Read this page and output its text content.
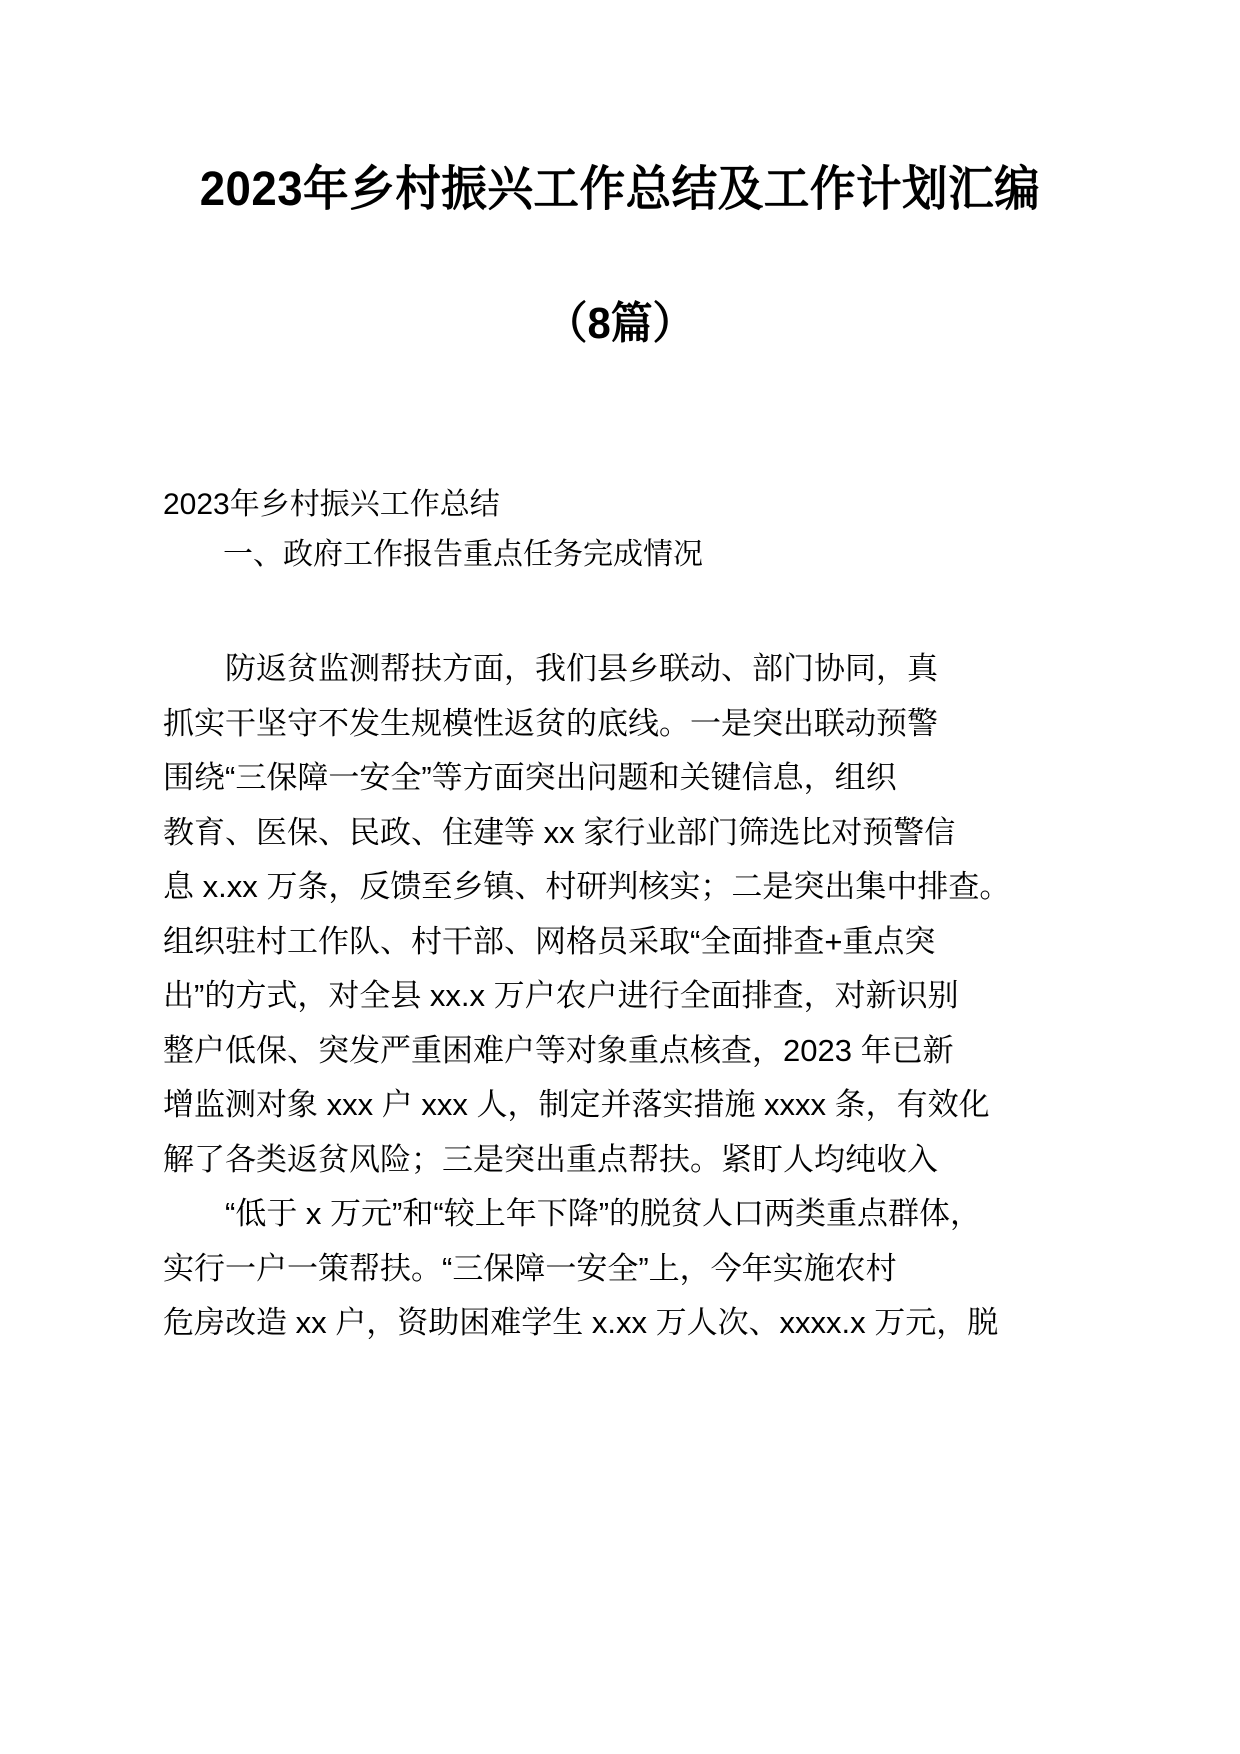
2023年乡村振兴工作总结及工作计划汇编
（8篇）
2023年乡村振兴工作总结
一、政府工作报告重点任务完成情况
防返贫监测帮扶方面，我们县乡联动、部门协同，真
抓实干坚守不发生规模性返贫的底线。一是突出联动预警
围绕“三保障一安全”等方面突出问题和关键信息，组织
教育、医保、民政、住建等 xx 家行业部门筛选比对预警信
息 x.xx 万条，反馈至乡镇、村研判核实；二是突出集中排查。
组织驻村工作队、村干部、网格员采取“全面排查+重点突
出”的方式，对全县 xx.x 万户农户进行全面排查，对新识别
整户低保、突发严重困难户等对象重点核查，2023 年已新
增监测对象 xxx 户 xxx 人，制定并落实措施 xxxx 条，有效化
解了各类返贫风险；三是突出重点帮扶。紧盯人均纯收入
“低于 x 万元”和“较上年下降”的脱贫人口两类重点群体，
实行一户一策帮扶。“三保障一安全”上，今年实施农村
危房改造 xx 户，资助困难学生 x.xx 万人次、xxxx.x 万元，脱
